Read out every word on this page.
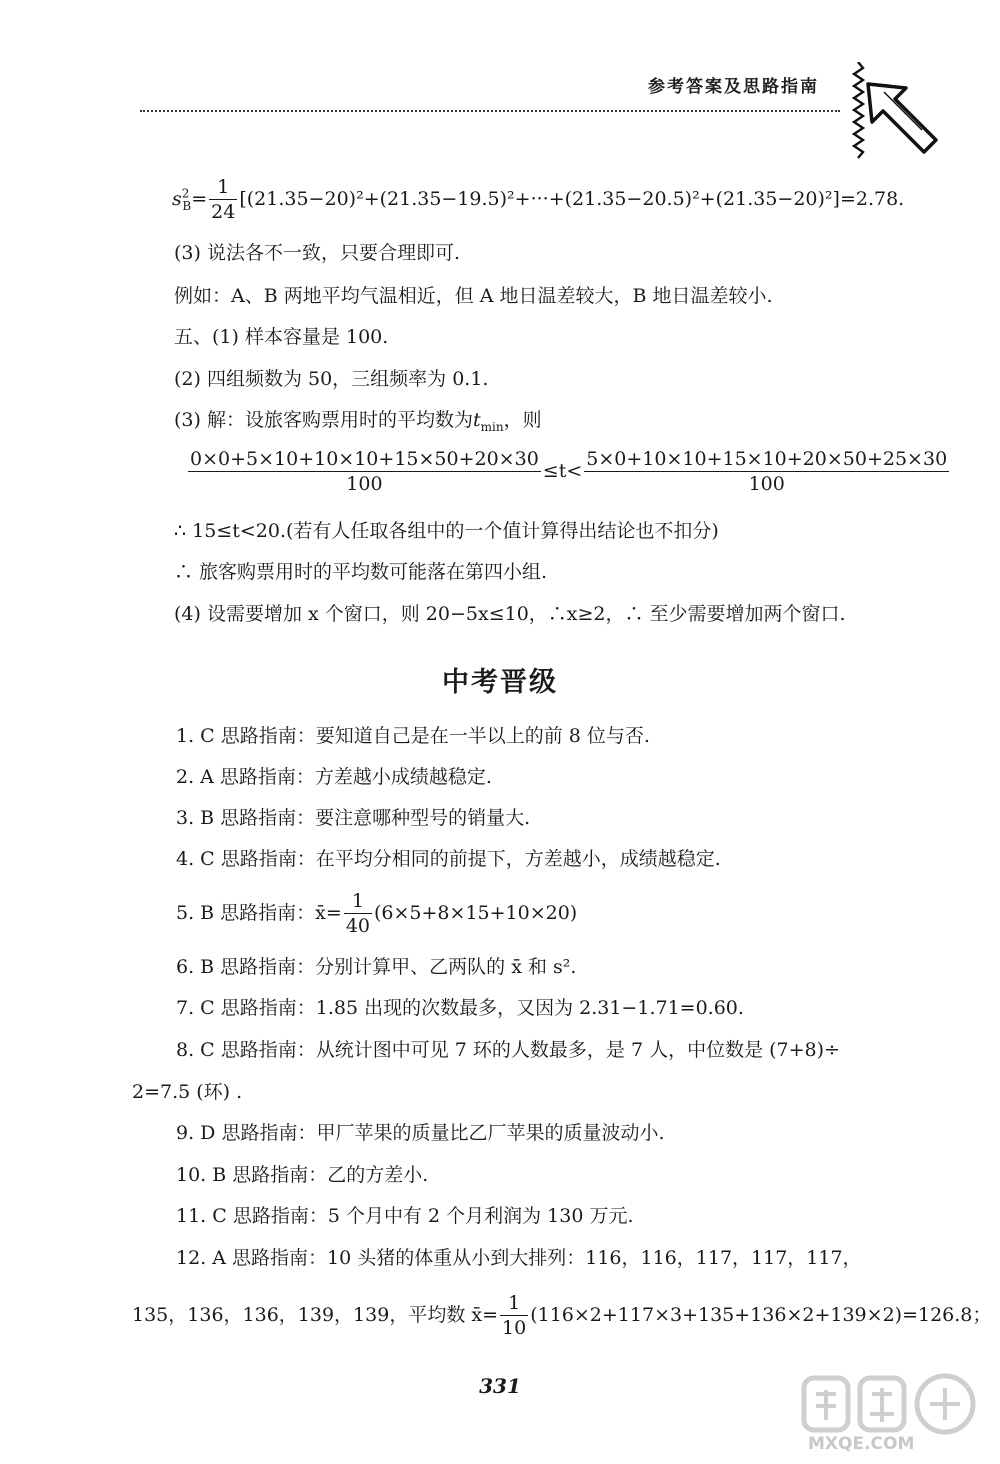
参考答案及思路指南
$s^2_B= \frac{1}{24} [(21.35-20)^2+(21.35-19.5)^2+\cdot\cdot\cdot+(21.35-20.5)^2+(21.35-20)^2]=2.78$.
(3) 说法各不一致，只要合理即可.
例如：A、B 两地平均气温相近，但 A 地日温差较大，B 地日温差较小.
五、(1) 样本容量是 100.
(2) 四组频数为 50，三组频率为 0.1.
(3) 解：设旅客购票用时的平均数为$t_{min}$，则
$\frac{0\times 0+5\times 10+10\times 10+15\times 50+20\times 30}{100} \le t< \frac{5\times 0+10\times 10+15\times 10+20\times 50+25\times 30}{100}$
∴ 15≤t<20.(若有人任取各组中的一个值计算得出结论也不扣分)
∴ 旅客购票用时的平均数可能落在第四小组.
(4) 设需要增加 x 个窗口，则 20−5x≤10，∴x≥2，∴ 至少需要增加两个窗口.
中考晋级
1. C 思路指南：要知道自己是在一半以上的前 8 位与否.
2. A 思路指南：方差越小成绩越稳定.
3. B 思路指南：要注意哪种型号的销量大.
4. C 思路指南：在平均分相同的前提下，方差越小，成绩越稳定.
5. B 思路指南：x̄= $\frac{1}{40} (6\times 5+8\times 15+10\times 20)$
6. B 思路指南：分别计算甲、乙两队的 x̄ 和 s².
7. C 思路指南：1.85 出现的次数最多，又因为 2.31−1.71=0.60.
8. C 思路指南：从统计图中可见 7 环的人数最多，是 7 人，中位数是 (7+8)÷
2=7.5 (环) .
9. D 思路指南：甲厂苹果的质量比乙厂苹果的质量波动小.
10. B 思路指南：乙的方差小.
11. C 思路指南：5 个月中有 2 个月利润为 130 万元.
12. A 思路指南：10 头猪的体重从小到大排列：116，116，117，117，117，
135，136，136，139，139，平均数 x̄= $\frac{1}{10} (116\times 2+117\times 3+135+136\times 2+139\times 2)=126.8$；
331
MXQE.COM
